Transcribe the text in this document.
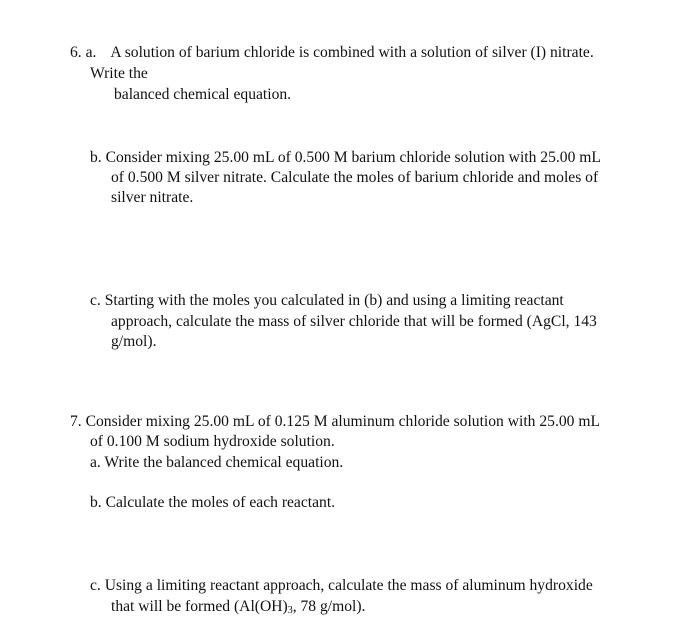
6. a. A solution of barium chloride is combined with a solution of silver (I) nitrate.
Write the
balanced chemical equation.
b. Consider mixing 25.00 mL of 0.500 M barium chloride solution with 25.00 mL
of 0.500 M silver nitrate. Calculate the moles of barium chloride and moles of
silver nitrate.
c. Starting with the moles you calculated in (b) and using a limiting reactant
approach, calculate the mass of silver chloride that will be formed (AgCl, 143
g/mol).
7. Consider mixing 25.00 mL of 0.125 M aluminum chloride solution with 25.00 mL
of 0.100 M sodium hydroxide solution.
a. Write the balanced chemical equation.
b. Calculate the moles of each reactant.
c. Using a limiting reactant approach, calculate the mass of aluminum hydroxide
that will be formed ($Al(OH)_3$, 78 g/mol).
